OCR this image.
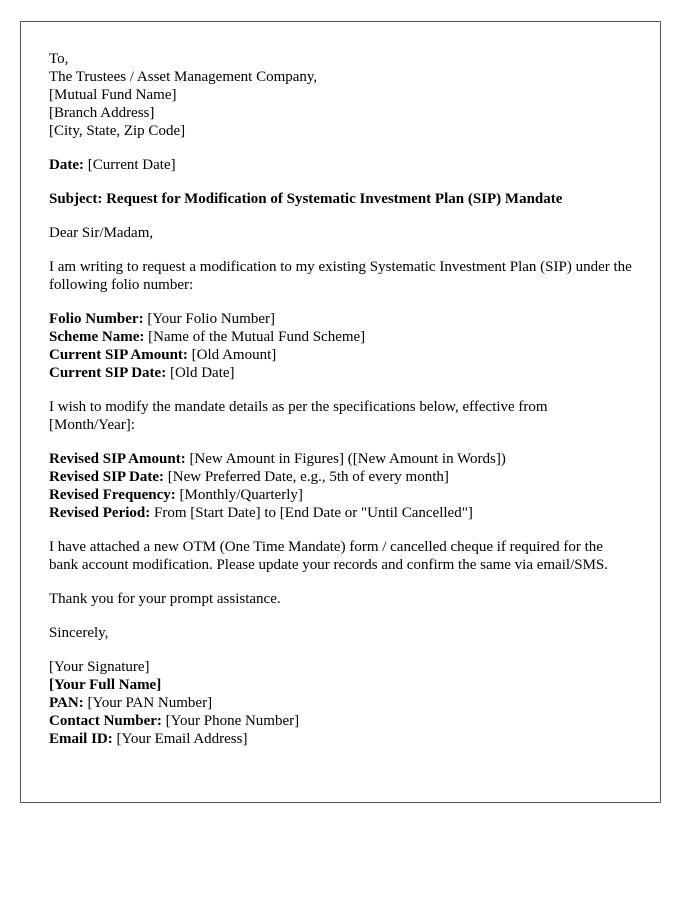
To,
The Trustees / Asset Management Company,
[Mutual Fund Name]
[Branch Address]
[City, State, Zip Code]

Date: [Current Date]

Subject: Request for Modification of Systematic Investment Plan (SIP) Mandate

Dear Sir/Madam,

I am writing to request a modification to my existing Systematic Investment Plan (SIP) under the following folio number:

Folio Number: [Your Folio Number]
Scheme Name: [Name of the Mutual Fund Scheme]
Current SIP Amount: [Old Amount]
Current SIP Date: [Old Date]

I wish to modify the mandate details as per the specifications below, effective from [Month/Year]:

Revised SIP Amount: [New Amount in Figures] ([New Amount in Words])
Revised SIP Date: [New Preferred Date, e.g., 5th of every month]
Revised Frequency: [Monthly/Quarterly]
Revised Period: From [Start Date] to [End Date or "Until Cancelled"]

I have attached a new OTM (One Time Mandate) form / cancelled cheque if required for the bank account modification. Please update your records and confirm the same via email/SMS.

Thank you for your prompt assistance.

Sincerely,

[Your Signature]
[Your Full Name]
PAN: [Your PAN Number]
Contact Number: [Your Phone Number]
Email ID: [Your Email Address]
